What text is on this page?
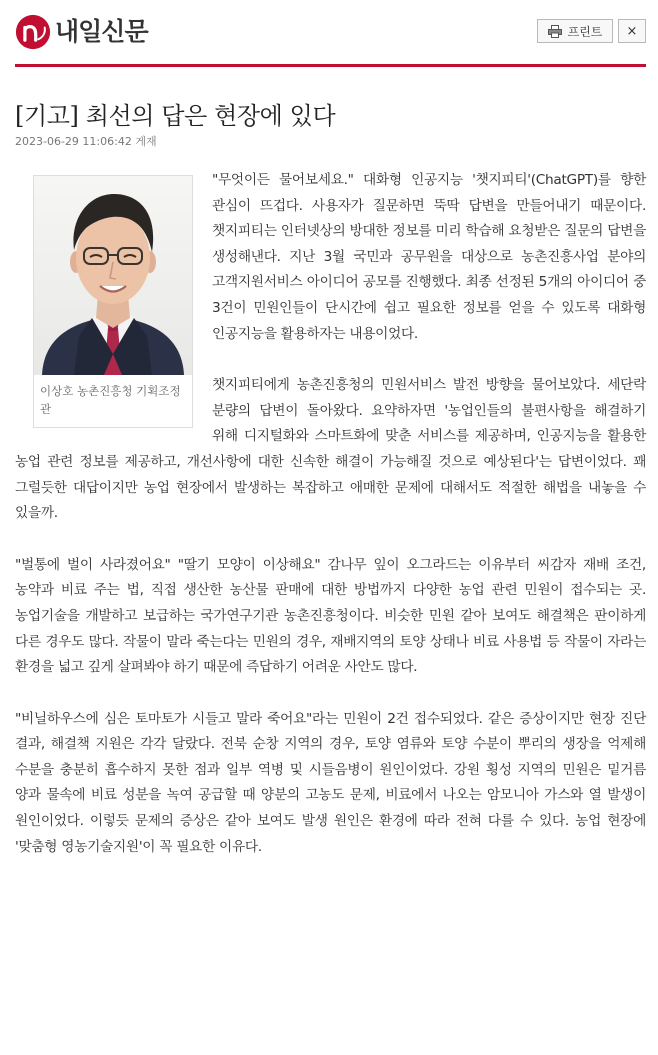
내일신문	프린트 ×
[기고] 최선의 답은 현장에 있다
2023-06-29 11:06:42 게재
이상호 농촌진흥청 기획조정관

"무엇이든 물어보세요." 대화형 인공지능 '챗지피티'(ChatGPT)를 향한 관심이 뜨겁다. 사용자가 질문하면 뚝딱 답변을 만들어내기 때문이다. 챗지피티는 인터넷상의 방대한 정보를 미리 학습해 요청받은 질문의 답변을 생성해낸다. 지난 3월 국민과 공무원을 대상으로 농촌진흥사업 분야의 고객지원서비스 아이디어 공모를 진행했다. 최종 선정된 5개의 아이디어 중 3건이 민원인들이 단시간에 쉽고 필요한 정보를 얻을 수 있도록 대화형 인공지능을 활용하자는 내용이었다.

챗지피티에게 농촌진흥청의 민원서비스 발전 방향을 물어보았다. 세단락 분량의 답변이 돌아왔다. 요약하자면 '농업인들의 불편사항을 해결하기 위해 디지털화와 스마트화에 맞춘 서비스를 제공하며, 인공지능을 활용한 농업 관련 정보를 제공하고, 개선사항에 대한 신속한 해결이 가능해질 것으로 예상된다'는 답변이었다. 꽤 그럴듯한 대답이지만 농업 현장에서 발생하는 복잡하고 애매한 문제에 대해서도 적절한 해법을 내놓을 수 있을까.

"벌통에 벌이 사라졌어요" "딸기 모양이 이상해요" 감나무 잎이 오그라드는 이유부터 씨감자 재배 조건, 농약과 비료 주는 법, 직접 생산한 농산물 판매에 대한 방법까지 다양한 농업 관련 민원이 접수되는 곳. 농업기술을 개발하고 보급하는 국가연구기관 농촌진흥청이다. 비슷한 민원 같아 보여도 해결책은 판이하게 다른 경우도 많다. 작물이 말라 죽는다는 민원의 경우, 재배지역의 토양 상태나 비료 사용법 등 작물이 자라는 환경을 넓고 깊게 살펴봐야 하기 때문에 즉답하기 어려운 사안도 많다.

"비닐하우스에 심은 토마토가 시들고 말라 죽어요"라는 민원이 2건 접수되었다. 같은 증상이지만 현장 진단 결과, 해결책 지원은 각각 달랐다. 전북 순창 지역의 경우, 토양 염류와 토양 수분이 뿌리의 생장을 억제해 수분을 충분히 흡수하지 못한 점과 일부 역병 및 시들음병이 원인이었다. 강원 횡성 지역의 민원은 밑거름 양과 물속에 비료 성분을 녹여 공급할 때 양분의 고농도 문제, 비료에서 나오는 암모니아 가스와 열 발생이 원인이었다. 이렇듯 문제의 증상은 같아 보여도 발생 원인은 환경에 따라 전혀 다를 수 있다. 농업 현장에 '맞춤형 영농기술지원'이 꼭 필요한 이유다.
